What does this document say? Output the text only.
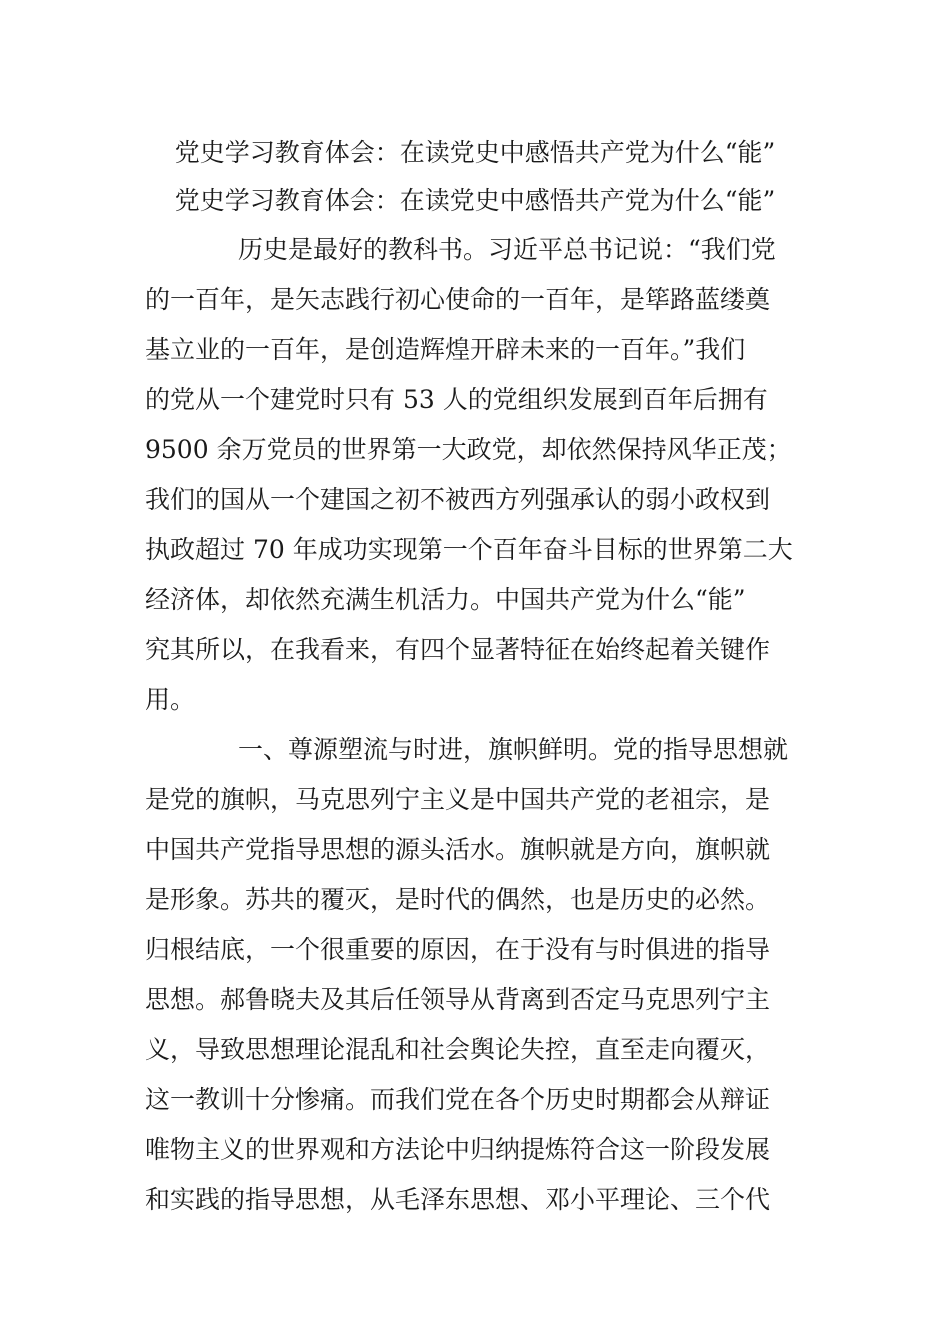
党史学习教育体会：在读党史中感悟共产党为什么“能”
党史学习教育体会：在读党史中感悟共产党为什么“能”
历史是最好的教科书。习近平总书记说：“我们党
的一百年，是矢志践行初心使命的一百年，是筚路蓝缕奠
基立业的一百年，是创造辉煌开辟未来的一百年。”我们
的党从一个建党时只有 53 人的党组织发展到百年后拥有
9500 余万党员的世界第一大政党，却依然保持风华正茂；
我们的国从一个建国之初不被西方列强承认的弱小政权到
执政超过 70 年成功实现第一个百年奋斗目标的世界第二大
经济体，却依然充满生机活力。中国共产党为什么“能”
究其所以，在我看来，有四个显著特征在始终起着关键作
用。
一、尊源塑流与时进，旗帜鲜明。党的指导思想就
是党的旗帜，马克思列宁主义是中国共产党的老祖宗，是
中国共产党指导思想的源头活水。旗帜就是方向，旗帜就
是形象。苏共的覆灭，是时代的偶然，也是历史的必然。
归根结底，一个很重要的原因，在于没有与时俱进的指导
思想。郝鲁晓夫及其后任领导从背离到否定马克思列宁主
义，导致思想理论混乱和社会舆论失控，直至走向覆灭，
这一教训十分惨痛。而我们党在各个历史时期都会从辩证
唯物主义的世界观和方法论中归纳提炼符合这一阶段发展
和实践的指导思想，从毛泽东思想、邓小平理论、三个代
